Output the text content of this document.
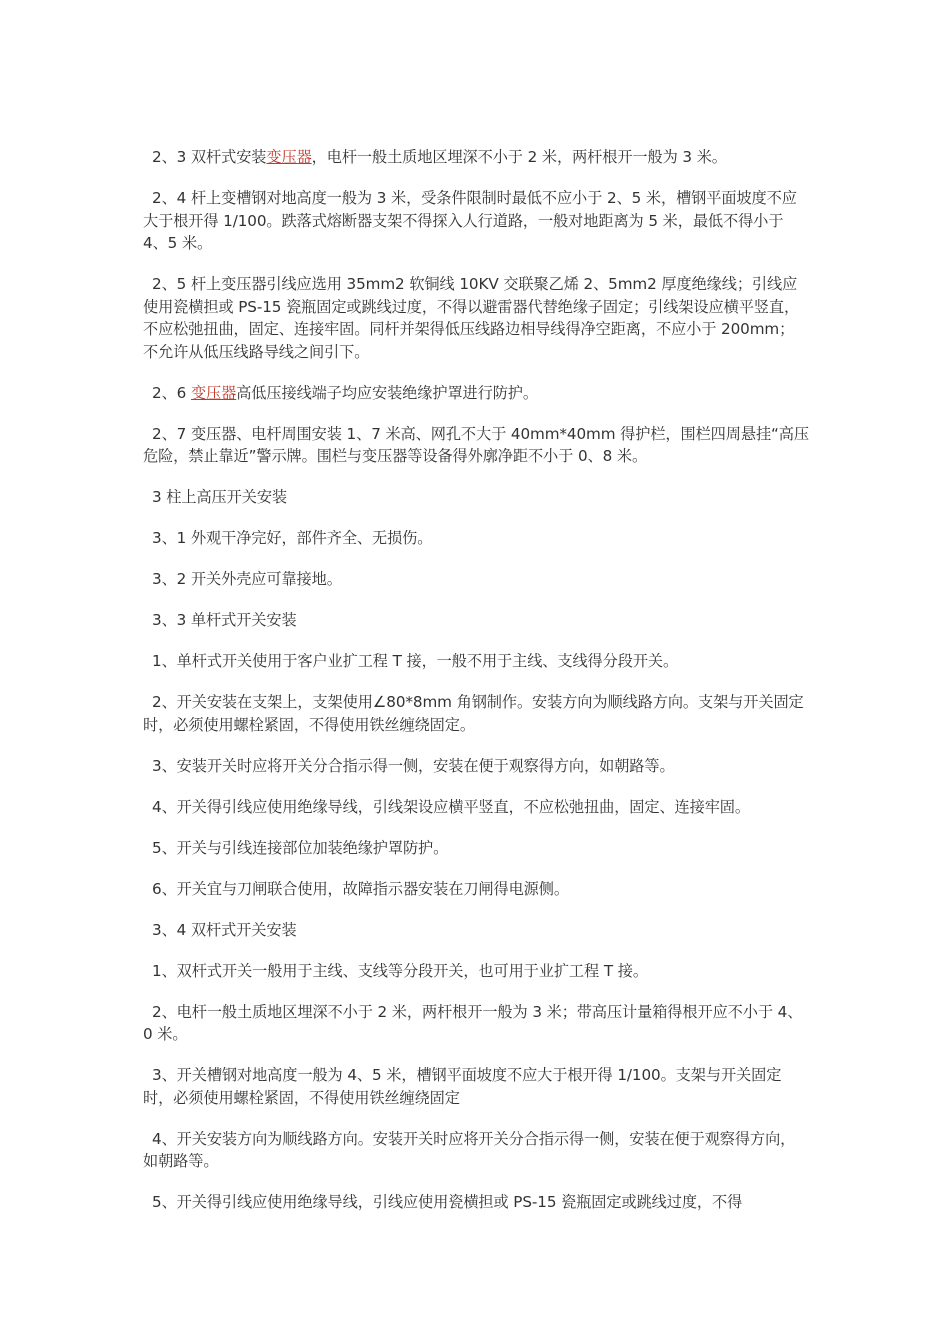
2、3 双杆式安装变压器，电杆一般土质地区埋深不小于 2 米，两杆根开一般为 3 米。

2、4 杆上变槽钢对地高度一般为 3 米，受条件限制时最低不应小于 2、5 米，槽钢平面坡度不应大于根开得 1/100。跌落式熔断器支架不得探入人行道路，一般对地距离为 5 米，最低不得小于 4、5 米。

2、5 杆上变压器引线应选用 35mm2 软铜线 10KV 交联聚乙烯 2、5mm2 厚度绝缘线；引线应使用瓷横担或 PS-15 瓷瓶固定或跳线过度，不得以避雷器代替绝缘子固定；引线架设应横平竖直，不应松弛扭曲，固定、连接牢固。同杆并架得低压线路边相导线得净空距离，不应小于 200mm；不允许从低压线路导线之间引下。

2、6 变压器高低压接线端子均应安装绝缘护罩进行防护。

2、7 变压器、电杆周围安装 1、7 米高、网孔不大于 40mm*40mm 得护栏，围栏四周悬挂“高压危险，禁止靠近”警示牌。围栏与变压器等设备得外廓净距不小于 0、8 米。

3 柱上高压开关安装

3、1 外观干净完好，部件齐全、无损伤。

3、2 开关外壳应可靠接地。

3、3 单杆式开关安装

1、单杆式开关使用于客户业扩工程 T 接，一般不用于主线、支线得分段开关。

2、开关安装在支架上，支架使用∠80*8mm 角钢制作。安装方向为顺线路方向。支架与开关固定时，必须使用螺栓紧固，不得使用铁丝缠绕固定。

3、安装开关时应将开关分合指示得一侧，安装在便于观察得方向，如朝路等。

4、开关得引线应使用绝缘导线，引线架设应横平竖直，不应松弛扭曲，固定、连接牢固。

5、开关与引线连接部位加装绝缘护罩防护。

6、开关宜与刀闸联合使用，故障指示器安装在刀闸得电源侧。

3、4 双杆式开关安装

1、双杆式开关一般用于主线、支线等分段开关，也可用于业扩工程 T 接。

2、电杆一般土质地区埋深不小于 2 米，两杆根开一般为 3 米；带高压计量箱得根开应不小于 4、0 米。

3、开关槽钢对地高度一般为 4、5 米，槽钢平面坡度不应大于根开得 1/100。支架与开关固定时，必须使用螺栓紧固，不得使用铁丝缠绕固定

4、开关安装方向为顺线路方向。安装开关时应将开关分合指示得一侧，安装在便于观察得方向，如朝路等。

5、开关得引线应使用绝缘导线，引线应使用瓷横担或 PS-15 瓷瓶固定或跳线过度，不得
